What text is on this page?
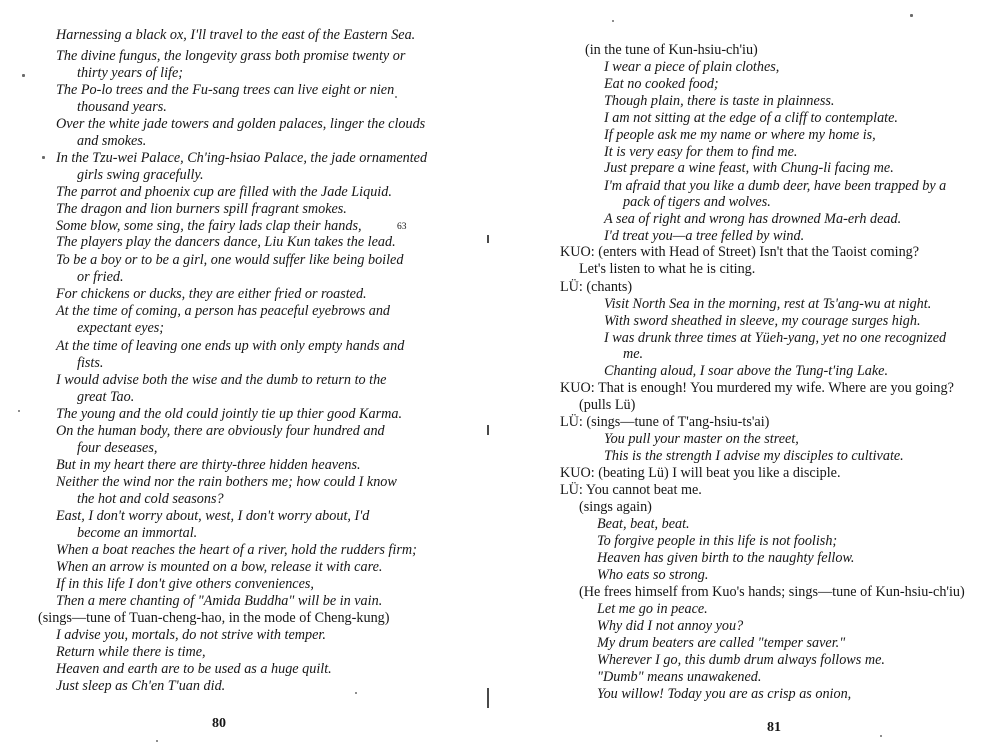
Harnessing a black ox, I'll travel to the east of the Eastern Sea.
The divine fungus, the longevity grass both promise twenty or
thirty years of life;
The Po-lo trees and the Fu-sang trees can live eight or nien
thousand years.
Over the white jade towers and golden palaces, linger the clouds
and smokes.
In the Tzu-wei Palace, Ch'ing-hsiao Palace, the jade ornamented
girls swing gracefully.
The parrot and phoenix cup are filled with the Jade Liquid.
The dragon and lion burners spill fragrant smokes.
Some blow, some sing, the fairy lads clap their hands,
The players play the dancers dance, Liu Kun takes the lead.
63
To be a boy or to be a girl, one would suffer like being boiled
or fried.
For chickens or ducks, they are either fried or roasted.
At the time of coming, a person has peaceful eyebrows and
expectant eyes;
At the time of leaving one ends up with only empty hands and
fists.
I would advise both the wise and the dumb to return to the
great Tao.
The young and the old could jointly tie up thier good Karma.
On the human body, there are obviously four hundred and
four deseases,
But in my heart there are thirty-three hidden heavens.
Neither the wind nor the rain bothers me; how could I know
the hot and cold seasons?
East, I don't worry about, west, I don't worry about, I'd
become an immortal.
When a boat reaches the heart of a river, hold the rudders firm;
When an arrow is mounted on a bow, release it with care.
If in this life I don't give others conveniences,
Then a mere chanting of "Amida Buddha" will be in vain.
(sings—tune of Tuan-cheng-hao, in the mode of Cheng-kung)
I advise you, mortals, do not strive with temper.
Return while there is time,
Heaven and earth are to be used as a huge quilt.
Just sleep as Ch'en T'uan did.
80
(in the tune of Kun-hsiu-ch'iu)
I wear a piece of plain clothes,
Eat no cooked food;
Though plain, there is taste in plainness.
I am not sitting at the edge of a cliff to contemplate.
If people ask me my name or where my home is,
It is very easy for them to find me.
Just prepare a wine feast, with Chung-li facing me.
I'm afraid that you like a dumb deer, have been trapped by a
pack of tigers and wolves.
A sea of right and wrong has drowned Ma-erh dead.
I'd treat you—a tree felled by wind.
KUO: (enters with Head of Street) Isn't that the Taoist coming?
Let's listen to what he is citing.
LÜ: (chants)
Visit North Sea in the morning, rest at Ts'ang-wu at night.
With sword sheathed in sleeve, my courage surges high.
I was drunk three times at Yüeh-yang, yet no one recognized
me.
Chanting aloud, I soar above the Tung-t'ing Lake.
KUO: That is enough! You murdered my wife. Where are you going?
(pulls Lü)
LÜ: (sings—tune of T'ang-hsiu-ts'ai)
You pull your master on the street,
This is the strength I advise my disciples to cultivate.
KUO: (beating Lü) I will beat you like a disciple.
LÜ: You cannot beat me.
(sings again)
Beat, beat, beat.
To forgive people in this life is not foolish;
Heaven has given birth to the naughty fellow.
Who eats so strong.
(He frees himself from Kuo's hands; sings—tune of Kun-hsiu-ch'iu)
Let me go in peace.
Why did I not annoy you?
My drum beaters are called "temper saver."
Wherever I go, this dumb drum always follows me.
"Dumb" means unawakened.
You willow! Today you are as crisp as onion,
81
